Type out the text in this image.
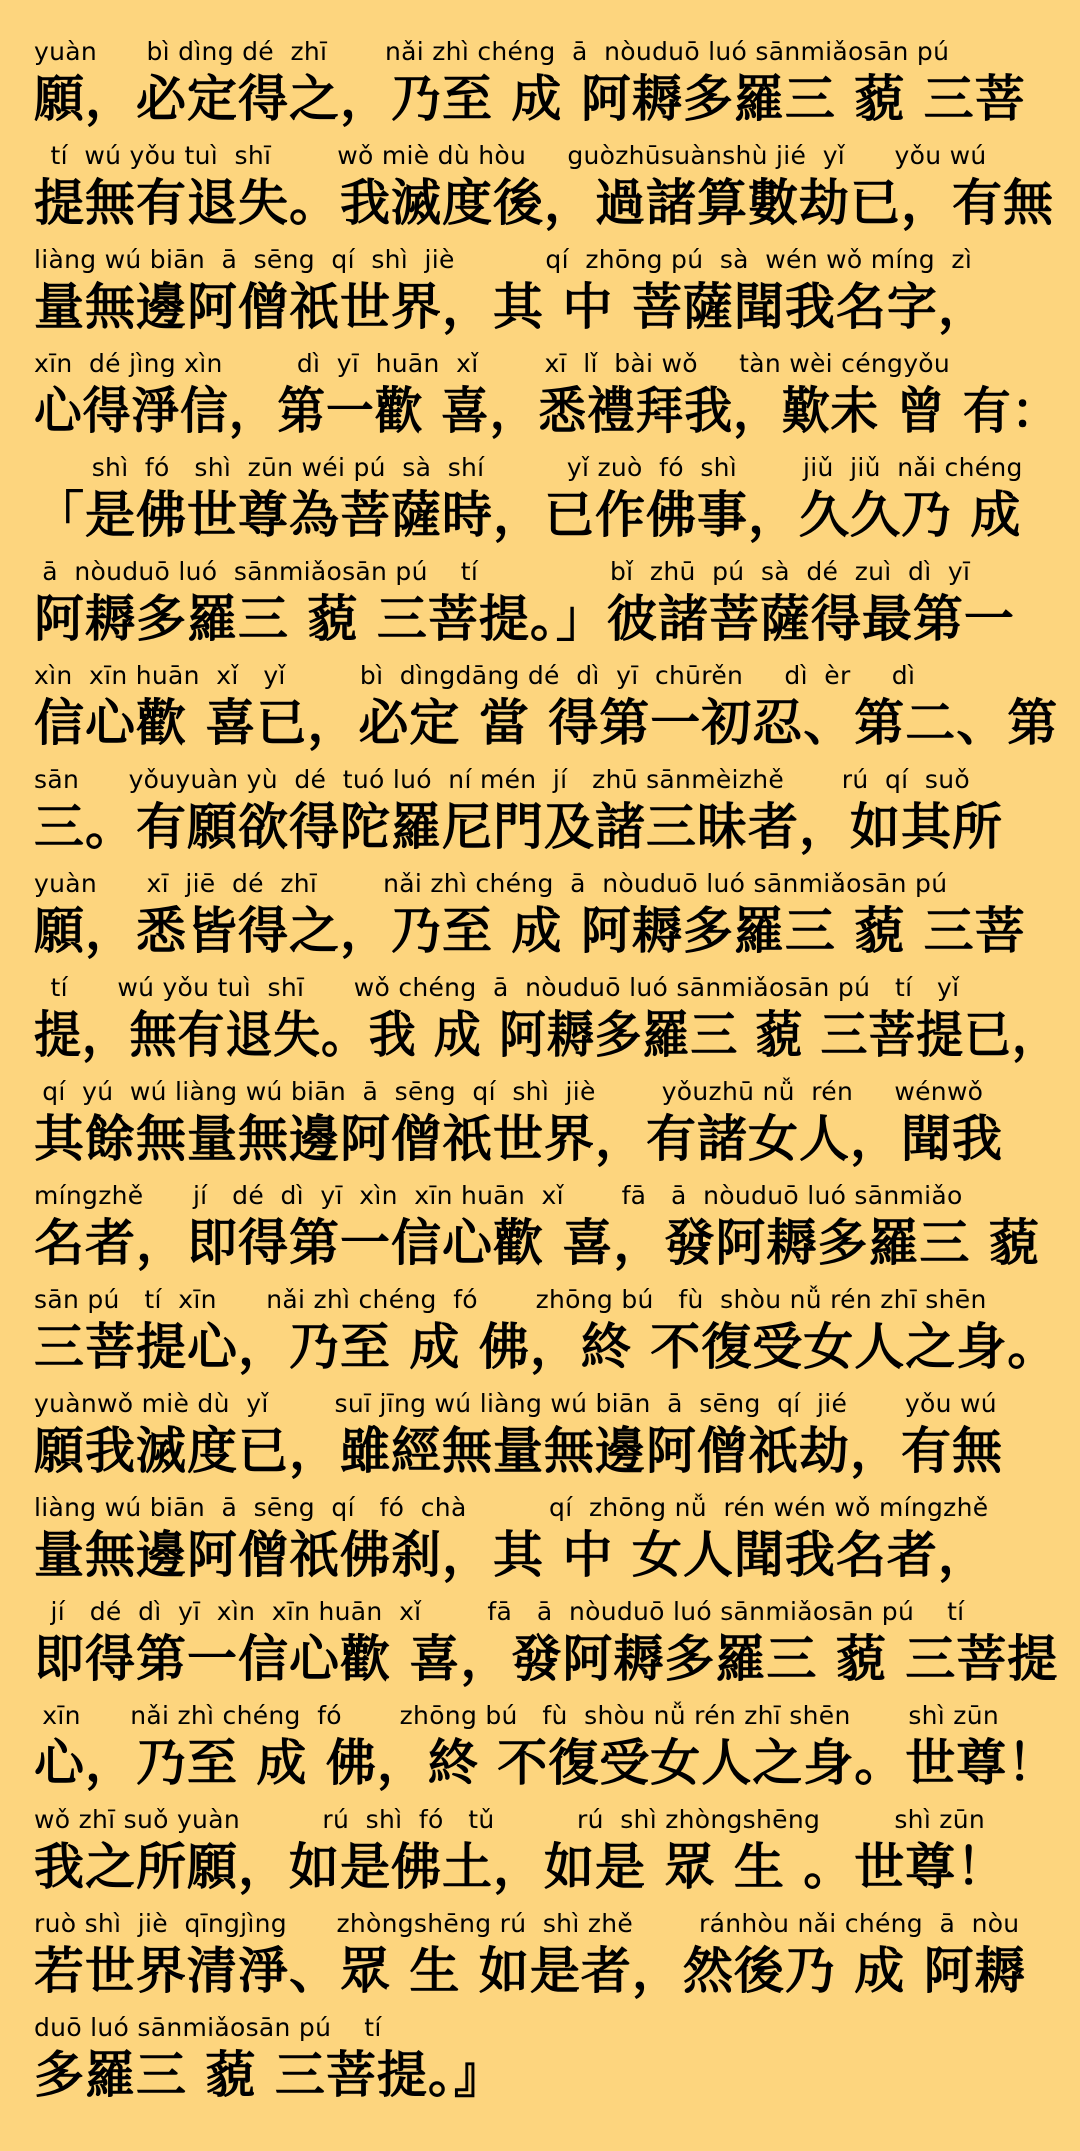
yuàn      bì dìng dé  zhī       nǎi zhì chéng  ā  nòuduō luó sānmiǎosān pú
願，必定得之，乃至 成 阿耨多羅三 藐 三菩
tí  wú yǒu tuì  shī        wǒ miè dù hòu     guòzhūsuànshù jié  yǐ      yǒu wú
提無有退失。我滅度後，過諸算數劫已，有無
liàng wú biān  ā  sēng  qí  shì  jiè           qí  zhōng pú  sà  wén wǒ míng  zì
量無邊阿僧祇世界，其 中 菩薩聞我名字，
xīn  dé jìng xìn         dì  yī  huān  xǐ        xī  lǐ  bài wǒ     tàn wèi céngyǒu
心得淨信，第一歡 喜，悉禮拜我，歎未 曾 有：
shì  fó   shì  zūn wéi pú  sà  shí          yǐ zuò  fó  shì        jiǔ  jiǔ  nǎi chéng
「是佛世尊為菩薩時，已作佛事，久久乃 成
ā  nòuduō luó  sānmiǎosān pú    tí                bǐ  zhū  pú  sà  dé  zuì  dì  yī
阿耨多羅三 藐 三菩提。」彼諸菩薩得最第一
xìn  xīn huān  xǐ   yǐ         bì  dìngdāng dé  dì  yī  chūrěn     dì  èr     dì
信心歡 喜已，必定 當 得第一初忍、第二、第
sān      yǒuyuàn yù  dé  tuó luó  ní mén  jí   zhū sānmèizhě       rú  qí  suǒ
三。有願欲得陀羅尼門及諸三昧者，如其所
yuàn      xī  jiē  dé  zhī        nǎi zhì chéng  ā  nòuduō luó sānmiǎosān pú
願，悉皆得之，乃至 成 阿耨多羅三 藐 三菩
tí      wú yǒu tuì  shī      wǒ chéng  ā  nòuduō luó sānmiǎosān pú   tí   yǐ
提，無有退失。我 成 阿耨多羅三 藐 三菩提已，
qí  yú  wú liàng wú biān  ā  sēng  qí  shì  jiè        yǒuzhū nǚ  rén     wénwǒ
其餘無量無邊阿僧祇世界，有諸女人，聞我
míngzhě      jí   dé  dì  yī  xìn  xīn huān  xǐ       fā   ā  nòuduō luó sānmiǎo
名者，即得第一信心歡 喜，發阿耨多羅三 藐
sān pú   tí  xīn      nǎi zhì chéng  fó       zhōng bú   fù  shòu nǚ rén zhī shēn
三菩提心，乃至 成 佛，終 不復受女人之身。
yuànwǒ miè dù  yǐ        suī jīng wú liàng wú biān  ā  sēng  qí  jié       yǒu wú
願我滅度已，雖經無量無邊阿僧祇劫，有無
liàng wú biān  ā  sēng  qí   fó  chà          qí  zhōng nǚ  rén wén wǒ míngzhě
量無邊阿僧祇佛刹，其 中 女人聞我名者，
jí   dé  dì  yī  xìn  xīn huān  xǐ        fā   ā  nòuduō luó sānmiǎosān pú    tí
即得第一信心歡 喜，發阿耨多羅三 藐 三菩提
xīn      nǎi zhì chéng  fó       zhōng bú   fù  shòu nǚ rén zhī shēn       shì zūn
心，乃至 成 佛，終 不復受女人之身。世尊！
wǒ zhī suǒ yuàn          rú  shì  fó   tǔ          rú  shì zhòngshēng         shì zūn
我之所願，如是佛土，如是 眾 生 。世尊！
ruò shì  jiè  qīngjìng      zhòngshēng rú  shì zhě        ránhòu nǎi chéng  ā  nòu
若世界清淨、眾 生 如是者，然後乃 成 阿耨
duō luó sānmiǎosān pú    tí
多羅三 藐 三菩提。』
